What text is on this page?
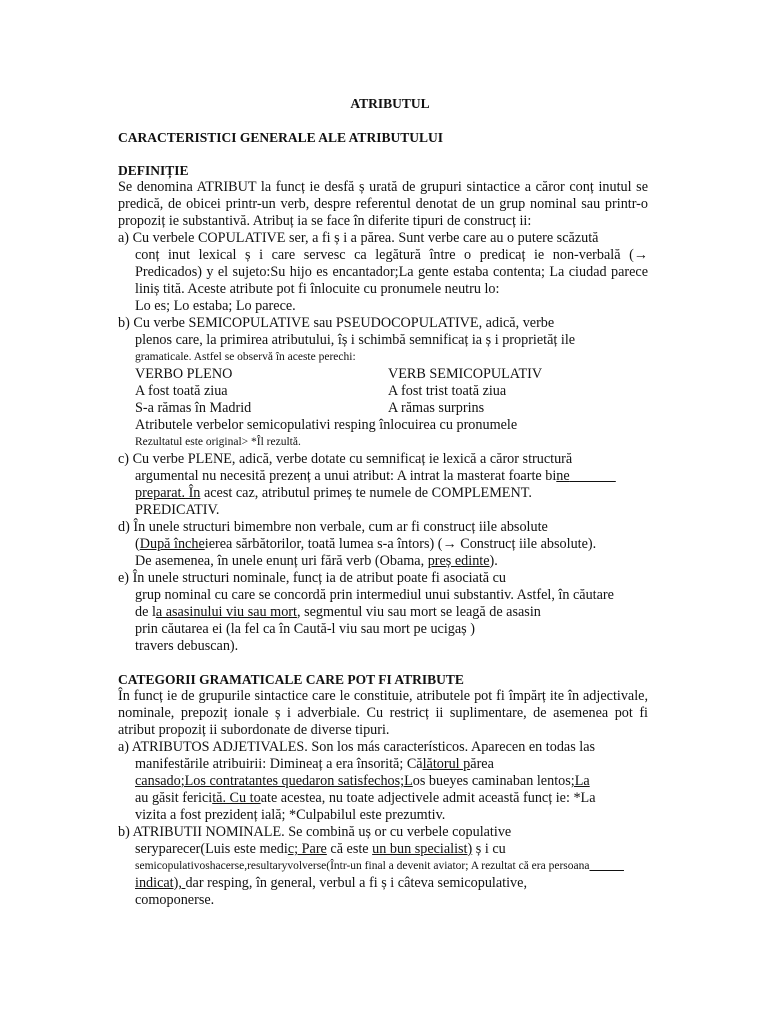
ATRIBUTUL
CARACTERISTICI GENERALE ALE ATRIBUTULUI
DEFINIȚIE
Se denomina ATRIBUT la funcț ie desfă ș urată de grupuri sintactice a căror conț inutul se predică, de obicei printr-un verb, despre referentul denotat de un grup nominal sau printr-o propoziț ie substantivă. Atribuț ia se face în diferite tipuri de construcț ii:
a) Cu verbele COPULATIVE ser, a fi ș i a părea. Sunt verbe care au o putere scăzută
conț inut lexical ș i care servesc ca legătură între o predicaț ie non-verbală (→ Predicados) y el sujeto:Su hijo es encantador;La gente estaba contenta; La ciudad parece liniș tită. Aceste atribute pot fi înlocuite cu pronumele neutru lo:
Lo es; Lo estaba; Lo parece.
b) Cu verbe SEMICOPULATIVE sau PSEUDOCOPULATIVE, adică, verbe
plenos care, la primirea atributului, îș i schimbă semnificaț ia ș i proprietăț ile
gramaticale. Astfel se observă în aceste perechi:
VERBO PLENO	VERB SEMICOPULATIV
A fost toată ziua	A fost trist toată ziua
S-a rămas în Madrid	A rămas surprins
Atributele verbelor semicopulativi resping înlocuirea cu pronumele
Rezultatul este original> *Îl rezultă.
c) Cu verbe PLENE, adică, verbe dotate cu semnificaț ie lexică a căror structură
argumental nu necesită prezenț a unui atribut: A intrat la masterat foarte bine
preparat. În acest caz, atributul primeș te numele de COMPLEMENT.
PREDICATIV.
d) În unele structuri bimembre non verbale, cum ar fi construcț iile absolute
(După încheierea sărbătorilor, toată lumea s-a întors) (→ Construcț iile absolute).
De asemenea, în unele enunț uri fără verb (Obama, preș edinte).
e) În unele structuri nominale, funcț ia de atribut poate fi asociată cu
grup nominal cu care se concordă prin intermediul unui substantiv. Astfel, în căutare
de la asasinului viu sau mort, segmentul viu sau mort se leagă de asasin
prin căutarea ei (la fel ca în Caută-l viu sau mort pe ucigaș )
travers debuscan).
CATEGORII GRAMATICALE CARE POT FI ATRIBUTE
În funcț ie de grupurile sintactice care le constituie, atributele pot fi împărț ite în adjectivale, nominale, prepoziț ionale ș i adverbiale. Cu restricț ii suplimentare, de asemenea pot fi atribut propoziț ii subordonate de diverse tipuri.
a) ATRIBUTOS ADJETIVALES. Son los más característicos. Aparecen en todas las
manifestările atribuirii: Dimineaț a era însorită; Călătorul părea
cansado;Los contratantes quedaron satisfechos;Los bueyes caminaban lentos;La
au găsit fericită. Cu toate acestea, nu toate adjectivele admit această funcț ie: *La
vizita a fost prezidenț ială; *Culpabilul este prezumtiv.
b) ATRIBUTII NOMINALE. Se combină uș or cu verbele copulative
seryparecer(Luis este medic; Pare că este un bun specialist) ș i cu
semicopulativoshacerse,resultaryvolverse(Într-un final a devenit aviator; A rezultat că era persoana
indicat), dar resping, în general, verbul a fi ș i câteva semicopulative,
comoponerse.
